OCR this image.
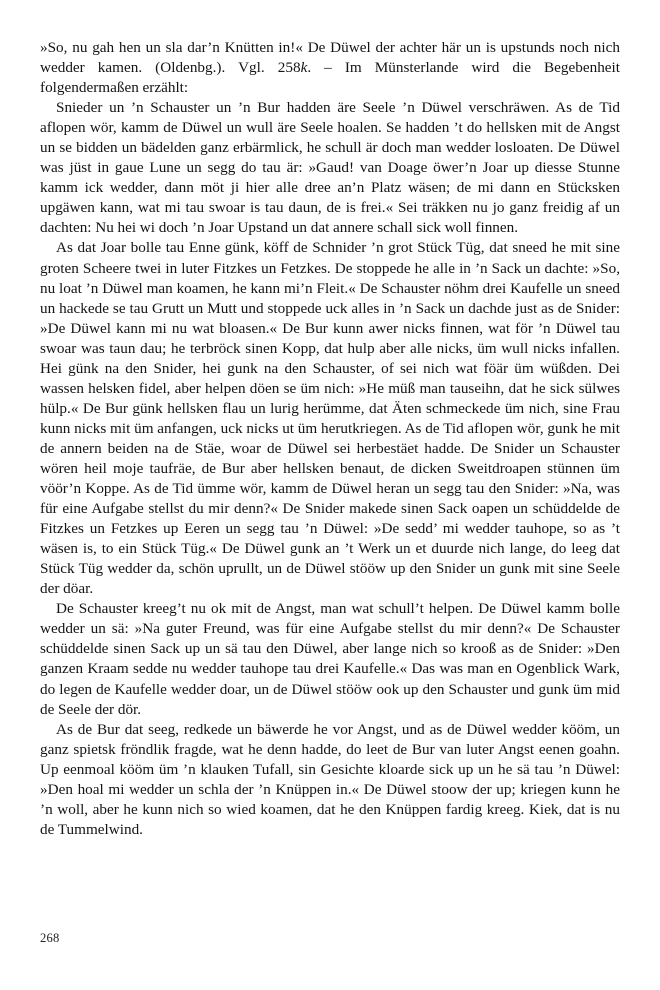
»So, nu gah hen un sla dar’n Knütten in!« De Düwel der achter här un is upstunds noch nich wedder kamen. (Oldenbg.). Vgl. 258k. – Im Münsterlande wird die Begebenheit folgendermaßen erzählt:

Snieder un ’n Schauster un ’n Bur hadden äre Seele ’n Düwel verschräwen. As de Tid aflopen wör, kamm de Düwel un wull äre Seele hoalen. Se hadden ’t do hellsken mit de Angst un se bidden un bädelden ganz erbärmlick, he schull är doch man wedder losloaten. De Düwel was jüst in gaue Lune un segg do tau är: »Gaud! van Doage öwer’n Joar up diesse Stunne kamm ick wedder, dann möt ji hier alle dree an’n Platz wäsen; de mi dann en Stücksken upgäwen kann, wat mi tau swoar is tau daun, de is frei.« Sei träkken nu jo ganz freidig af un dachten: Nu hei wi doch ’n Joar Upstand un dat annere schall sick woll finnen.

As dat Joar bolle tau Enne günk, köff de Schnider ’n grot Stück Tüg, dat sneed he mit sine groten Scheere twei in luter Fitzkes un Fetzkes. De stoppede he alle in ’n Sack un dachte: »So, nu loat ’n Düwel man koamen, he kann mi’n Fleit.« De Schauster nöhm drei Kaufelle un sneed un hackede se tau Grutt un Mutt und stoppede uck alles in ’n Sack un dachde just as de Snider: »De Düwel kann mi nu wat bloasen.« De Bur kunn awer nicks finnen, wat för ’n Düwel tau swoar was taun dau; he terbröck sinen Kopp, dat hulp aber alle nicks, üm wull nicks infallen. Hei günk na den Snider, hei gunk na den Schauster, of sei nich wat föär üm wüßden. Dei wassen helsken fidel, aber helpen döen se üm nich: »He müß man tauseihn, dat he sick sülwes hülp.« De Bur günk hellsken flau un lurig herümme, dat Äten schmeckede üm nich, sine Frau kunn nicks mit üm anfangen, uck nicks ut üm herutkriegen. As de Tid aflopen wör, gunk he mit de annern beiden na de Stäe, woar de Düwel sei herbestäet hadde. De Snider un Schauster wören heil moje taufräe, de Bur aber hellsken benaut, de dicken Sweitdroapen stünnen üm vöör’n Koppe. As de Tid ümme wör, kamm de Düwel heran un segg tau den Snider: »Na, was für eine Aufgabe stellst du mir denn?« De Snider makede sinen Sack oapen un schüddelde de Fitzkes un Fetzkes up Eeren un segg tau ’n Düwel: »De sedd’ mi wedder tauhope, so as ’t wäsen is, to ein Stück Tüg.« De Düwel gunk an ’t Werk un et duurde nich lange, do leeg dat Stück Tüg wedder da, schön uprullt, un de Düwel stööw up den Snider un gunk mit sine Seele der döar.

De Schauster kreeg’t nu ok mit de Angst, man wat schull’t helpen. De Düwel kamm bolle wedder un sä: »Na guter Freund, was für eine Aufgabe stellst du mir denn?« De Schauster schüddelde sinen Sack up un sä tau den Düwel, aber lange nich so krooß as de Snider: »Den ganzen Kraam sedde nu wedder tauhope tau drei Kaufelle.« Das was man en Ogenblick Wark, do legen de Kaufelle wedder doar, un de Düwel stööw ook up den Schauster und gunk üm mid de Seele der dör.

As de Bur dat seeg, redkede un bäwerde he vor Angst, und as de Düwel wedder kööm, un ganz spietsk fröndlik fragde, wat he denn hadde, do leet de Bur van luter Angst eenen goahn. Up eenmoal kööm üm ’n klauken Tufall, sin Gesichte kloarde sick up un he sä tau ’n Düwel: »Den hoal mi wedder un schla der ’n Knüppen in.« De Düwel stoow der up; kriegen kunn he ’n woll, aber he kunn nich so wied koamen, dat he den Knüppen fardig kreeg. Kiek, dat is nu de Tummelwind.

268
